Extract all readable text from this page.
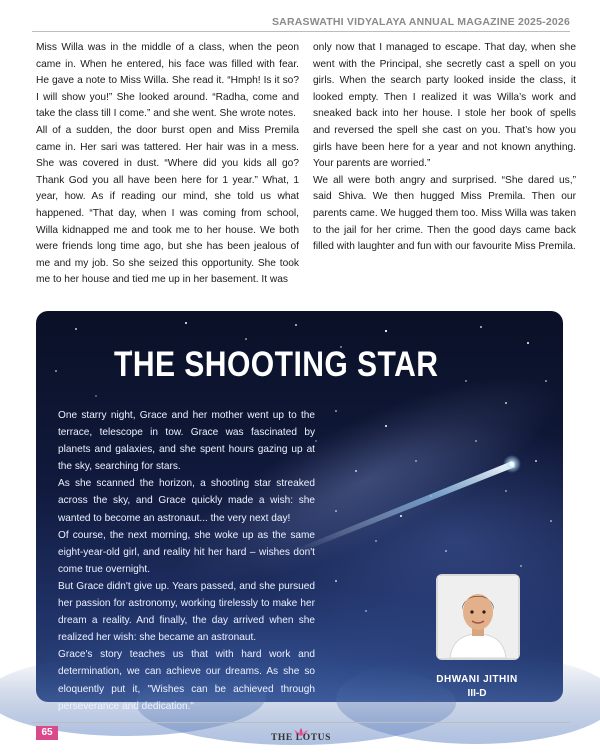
SARASWATHI VIDYALAYA ANNUAL MAGAZINE 2025-2026

Miss Willa was in the middle of a class, when the peon came in. When he entered, his face was filled with fear. He gave a note to Miss Willa. She read it. “Hmph! Is it so? I will show you!” She looked around. “Radha, come and take the class till I come.” and she went. She wrote notes.

All of a sudden, the door burst open and Miss Premila came in. Her sari was tattered. Her hair was in a mess. She was covered in dust. “Where did you kids all go? Thank God you all have been here for 1 year.” What, 1 year, how. As if reading our mind, she told us what happened. “That day, when I was coming from school, Willa kidnapped me and took me to her house. We both were friends long time ago, but she has been jealous of me and my job. So she seized this opportunity. She took me to her house and tied me up in her basement. It was

only now that I managed to escape. That day, when she went with the Principal, she secretly cast a spell on you girls. When the search party looked inside the class, it looked empty. Then I realized it was Willa’s work and sneaked back into her house. I stole her book of spells and reversed the spell she cast on you. That’s how you girls have been here for a year and not known anything. Your parents are worried.”

We all were both angry and surprised. “She dared us,” said Shiva. We then hugged Miss Premila. Then our parents came. We hugged them too. Miss Willa was taken to the jail for her crime. Then the good days came back filled with laughter and fun with our favourite Miss Premila.

THE SHOOTING STAR

One starry night, Grace and her mother went up to the terrace, telescope in tow. Grace was fascinated by planets and galaxies, and she spent hours gazing up at the sky, searching for stars.

As she scanned the horizon, a shooting star streaked across the sky, and Grace quickly made a wish: she wanted to become an astronaut... the very next day!

Of course, the next morning, she woke up as the same eight-year-old girl, and reality hit her hard – wishes don't come true overnight.

But Grace didn't give up. Years passed, and she pursued her passion for astronomy, working tirelessly to make her dream a reality. And finally, the day arrived when she realized her wish: she became an astronaut.

Grace's story teaches us that with hard work and determination, we can achieve our dreams. As she so eloquently put it, "Wishes can be achieved through perseverance and dedication."

DHWANI JITHIN
III-D
65	THE LOTUS
